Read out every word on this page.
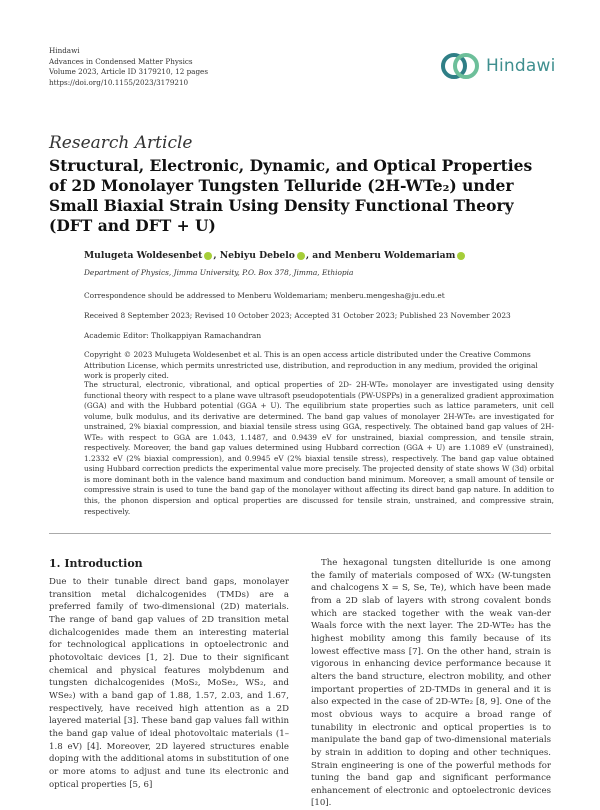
Hindawi
Advances in Condensed Matter Physics
Volume 2023, Article ID 3179210, 12 pages
https://doi.org/10.1155/2023/3179210
Hindawi
Research Article
Structural, Electronic, Dynamic, and Optical Properties of 2D Monolayer Tungsten Telluride (2H-WTe₂) under Small Biaxial Strain Using Density Functional Theory (DFT and DFT + U)
Mulugeta Woldesenbet , Nebiyu Debelo , and Menberu Woldemariam
Department of Physics, Jimma University, P.O. Box 378, Jimma, Ethiopia
Correspondence should be addressed to Menberu Woldemariam; menberu.mengesha@ju.edu.et
Received 8 September 2023; Revised 10 October 2023; Accepted 31 October 2023; Published 23 November 2023
Academic Editor: Tholkappiyan Ramachandran
Copyright © 2023 Mulugeta Woldesenbet et al. This is an open access article distributed under the Creative Commons Attribution License, which permits unrestricted use, distribution, and reproduction in any medium, provided the original work is properly cited.

The structural, electronic, vibrational, and optical properties of 2D- 2H-WTe₂ monolayer are investigated using density functional theory with respect to a plane wave ultrasoft pseudopotentials (PW-USPPs) in a generalized gradient approximation (GGA) and with the Hubbard potential (GGA + U). The equilibrium state properties such as lattice parameters, unit cell volume, bulk modulus, and its derivative are determined. The band gap values of monolayer 2H-WTe₂ are investigated for unstrained, 2% biaxial compression, and biaxial tensile stress using GGA, respectively. The obtained band gap values of 2H-WTe₂ with respect to GGA are 1.043, 1.1487, and 0.9439 eV for unstrained, biaxial compression, and tensile strain, respectively. Moreover, the band gap values determined using Hubbard correction (GGA + U) are 1.1089 eV (unstrained), 1.2332 eV (2% biaxial compression), and 0.9945 eV (2% biaxial tensile stress), respectively. The band gap value obtained using Hubbard correction predicts the experimental value more precisely. The projected density of state shows W (3d) orbital is more dominant both in the valence band maximum and conduction band minimum. Moreover, a small amount of tensile or compressive strain is used to tune the band gap of the monolayer without affecting its direct band gap nature. In addition to this, the phonon dispersion and optical properties are discussed for tensile strain, unstrained, and compressive strain, respectively.

1. Introduction

Due to their tunable direct band gaps, monolayer transition metal dichalcogenides (TMDs) are a preferred family of two-dimensional (2D) materials. The range of band gap values of 2D transition metal dichalcogenides made them an interesting material for technological applications in optoelectronic and photovoltaic devices [1, 2]. Due to their significant chemical and physical features molybdenum and tungsten dichalcogenides (MoS₂, MoSe₂, WS₂, and WSe₂) with a band gap of 1.88, 1.57, 2.03, and 1.67, respectively, have received high attention as a 2D layered material [3]. These band gap values fall within the band gap value of ideal photovoltaic materials (1–1.8 eV) [4]. Moreover, 2D layered structures enable doping with the additional atoms in substitution of one or more atoms to adjust and tune its electronic and optical properties [5, 6]

The hexagonal tungsten ditelluride is one among the family of materials composed of WX₂ (W-tungsten and chalcogens X = S, Se, Te), which have been made from a 2D slab of layers with strong covalent bonds which are stacked together with the weak van-der Waals force with the next layer. The 2D-WTe₂ has the highest mobility among this family because of its lowest effective mass [7]. On the other hand, strain is vigorous in enhancing device performance because it alters the band structure, electron mobility, and other important properties of 2D-TMDs in general and it is also expected in the case of 2D-WTe₂ [8, 9]. One of the most obvious ways to acquire a broad range of tunability in electronic and optical properties is to manipulate the band gap of two-dimensional materials by strain in addition to doping and other techniques. Strain engineering is one of the powerful methods for tuning the band gap and significant performance enhancement of electronic and optoelectronic devices [10].
